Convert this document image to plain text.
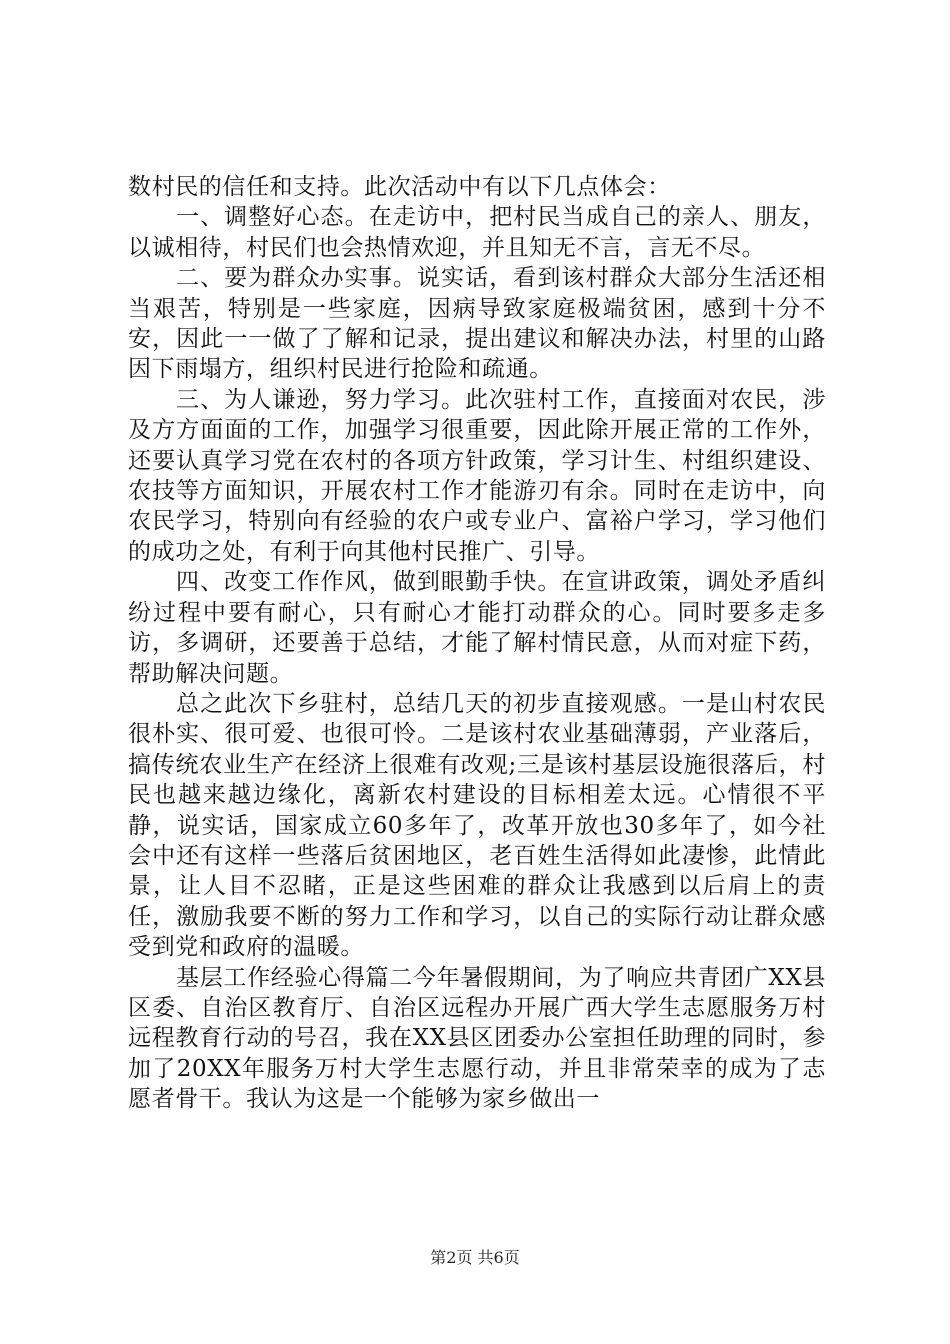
数村民的信任和支持。此次活动中有以下几点体会：

一、调整好心态。在走访中，把村民当成自己的亲人、朋友，以诚相待，村民们也会热情欢迎，并且知无不言，言无不尽。

二、要为群众办实事。说实话，看到该村群众大部分生活还相当艰苦，特别是一些家庭，因病导致家庭极端贫困，感到十分不安，因此一一做了了解和记录，提出建议和解决办法，村里的山路因下雨塌方，组织村民进行抢险和疏通。

三、为人谦逊，努力学习。此次驻村工作，直接面对农民，涉及方方面面的工作，加强学习很重要，因此除开展正常的工作外，还要认真学习党在农村的各项方针政策，学习计生、村组织建设、农技等方面知识，开展农村工作才能游刃有余。同时在走访中，向农民学习，特别向有经验的农户或专业户、富裕户学习，学习他们的成功之处，有利于向其他村民推广、引导。

四、改变工作作风，做到眼勤手快。在宣讲政策，调处矛盾纠纷过程中要有耐心，只有耐心才能打动群众的心。同时要多走多访，多调研，还要善于总结，才能了解村情民意，从而对症下药，帮助解决问题。

总之此次下乡驻村，总结几天的初步直接观感。一是山村农民很朴实、很可爱、也很可怜。二是该村农业基础薄弱，产业落后，搞传统农业生产在经济上很难有改观;三是该村基层设施很落后，村民也越来越边缘化，离新农村建设的目标相差太远。心情很不平静，说实话，国家成立60多年了，改革开放也30多年了，如今社会中还有这样一些落后贫困地区，老百姓生活得如此凄惨，此情此景，让人目不忍睹，正是这些困难的群众让我感到以后肩上的责任，激励我要不断的努力工作和学习，以自己的实际行动让群众感受到党和政府的温暖。

基层工作经验心得篇二今年暑假期间，为了响应共青团广XX县区委、自治区教育厅、自治区远程办开展广西大学生志愿服务万村远程教育行动的号召，我在XX县区团委办公室担任助理的同时，参加了20XX年服务万村大学生志愿行动，并且非常荣幸的成为了志愿者骨干。我认为这是一个能够为家乡做出一

第2页 共6页
